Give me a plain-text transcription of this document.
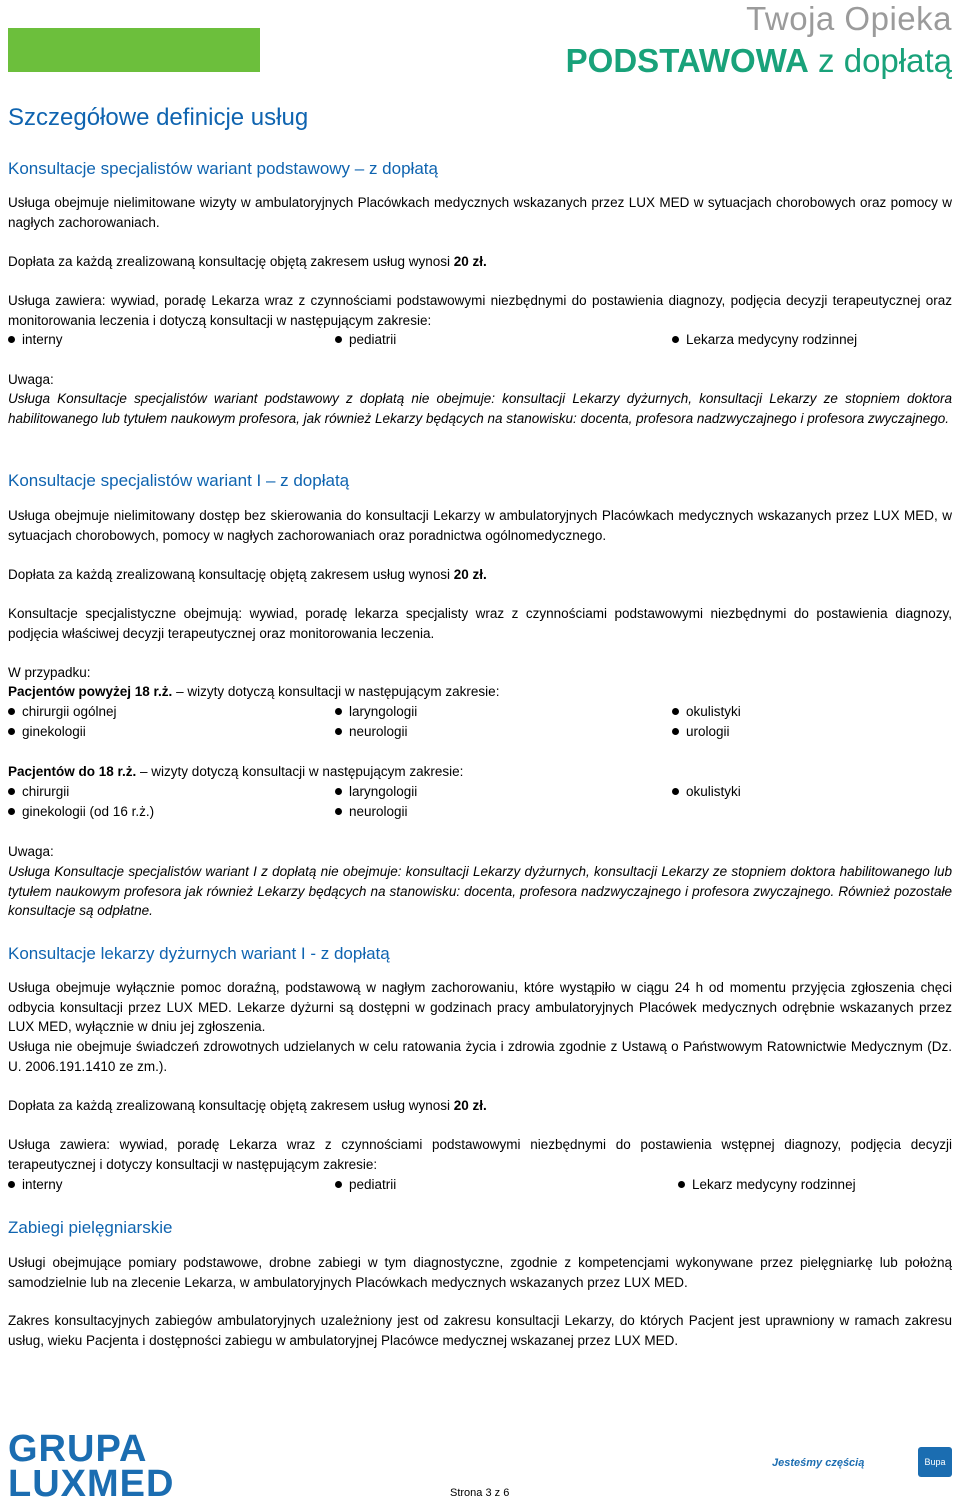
Twoja Opieka
PODSTAWOWA z dopłatą
Szczegółowe definicje usług
Konsultacje specjalistów wariant podstawowy – z dopłatą

Usługa obejmuje nielimitowane wizyty w ambulatoryjnych Placówkach medycznych wskazanych przez LUX MED w sytuacjach chorobowych oraz pomocy w nagłych zachorowaniach.

Dopłata za każdą zrealizowaną konsultację objętą zakresem usług wynosi 20 zł.

Usługa zawiera: wywiad, poradę Lekarza wraz z czynnościami podstawowymi niezbędnymi do postawienia diagnozy, podjęcia decyzji terapeutycznej oraz monitorowania leczenia i dotyczą konsultacji w następującym zakresie:

interny	pediatrii	Lekarza medycyny rodzinnej

Uwaga:

Usługa Konsultacje specjalistów wariant podstawowy z dopłatą nie obejmuje: konsultacji Lekarzy dyżurnych, konsultacji Lekarzy ze stopniem doktora habilitowanego lub tytułem naukowym profesora, jak również Lekarzy będących na stanowisku: docenta, profesora nadzwyczajnego i profesora zwyczajnego.

Konsultacje specjalistów wariant I – z dopłatą

Usługa obejmuje nielimitowany dostęp bez skierowania do konsultacji Lekarzy w ambulatoryjnych Placówkach medycznych wskazanych przez LUX MED, w sytuacjach chorobowych, pomocy w nagłych zachorowaniach oraz poradnictwa ogólnomedycznego.

Dopłata za każdą zrealizowaną konsultację objętą zakresem usług wynosi 20 zł.

Konsultacje specjalistyczne obejmują: wywiad, poradę lekarza specjalisty wraz z czynnościami podstawowymi niezbędnymi do postawienia diagnozy, podjęcia właściwej decyzji terapeutycznej oraz monitorowania leczenia.

W przypadku:

Pacjentów powyżej 18 r.ż. – wizyty dotyczą konsultacji w następującym zakresie:

chirurgii ogólnej
ginekologii
laryngologii
neurologii
okulistyki
urologii

Pacjentów do 18 r.ż. – wizyty dotyczą konsultacji w następującym zakresie:

chirurgii
ginekologii (od 16 r.ż.)
laryngologii
neurologii
okulistyki

Uwaga:

Usługa Konsultacje specjalistów wariant I z dopłatą nie obejmuje: konsultacji Lekarzy dyżurnych, konsultacji Lekarzy ze stopniem doktora habilitowanego lub tytułem naukowym profesora jak również Lekarzy będących na stanowisku: docenta, profesora nadzwyczajnego i profesora zwyczajnego. Również pozostałe konsultacje są odpłatne.

Konsultacje lekarzy dyżurnych wariant I - z dopłatą

Usługa obejmuje wyłącznie pomoc doraźną, podstawową w nagłym zachorowaniu, które wystąpiło w ciągu 24 h od momentu przyjęcia zgłoszenia chęci odbycia konsultacji przez LUX MED. Lekarze dyżurni są dostępni w godzinach pracy ambulatoryjnych Placówek medycznych odrębnie wskazanych przez LUX MED, wyłącznie w dniu jej zgłoszenia.

Usługa nie obejmuje świadczeń zdrowotnych udzielanych w celu ratowania życia i zdrowia zgodnie z Ustawą o Państwowym Ratownictwie Medycznym (Dz. U. 2006.191.1410 ze zm.).

Dopłata za każdą zrealizowaną konsultację objętą zakresem usług wynosi 20 zł.

Usługa zawiera: wywiad, poradę Lekarza wraz z czynnościami podstawowymi niezbędnymi do postawienia wstępnej diagnozy, podjęcia decyzji terapeutycznej i dotyczy konsultacji w następującym zakresie:

interny	pediatrii	Lekarz medycyny rodzinnej
Zabiegi pielęgniarskie

Usługi obejmujące pomiary podstawowe, drobne zabiegi w tym diagnostyczne, zgodnie z kompetencjami wykonywane przez pielęgniarkę lub położną samodzielnie lub na zlecenie Lekarza, w ambulatoryjnych Placówkach medycznych wskazanych przez LUX MED.

Zakres konsultacyjnych zabiegów ambulatoryjnych uzależniony jest od zakresu konsultacji Lekarzy, do których Pacjent jest uprawniony w ramach zakresu usług, wieku Pacjenta i dostępności zabiegu w ambulatoryjnej Placówce medycznej wskazanej przez LUX MED.

GRUPA
LUXMED	Jesteśmy częścią	Bupa
Strona 3 z 6
